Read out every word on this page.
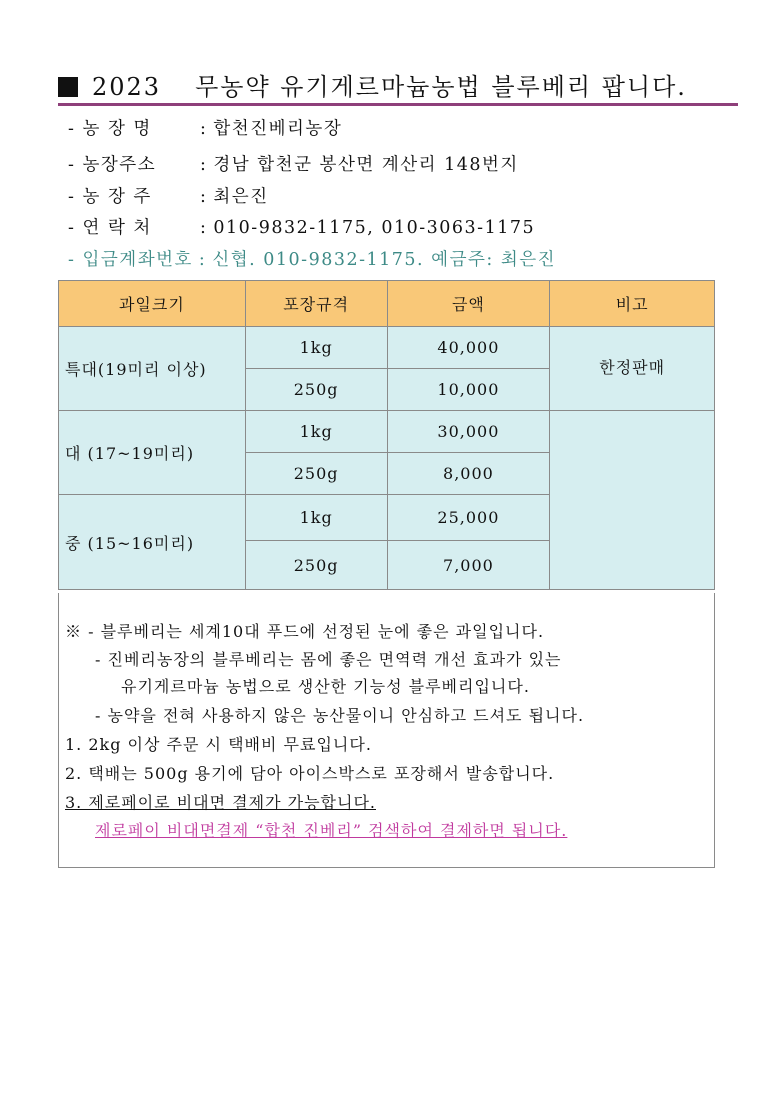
2023 무농약 유기게르마늄농법 블루베리 팝니다.
- 농 장 명	: 합천진베리농장
- 농장주소	: 경남 합천군 봉산면 계산리 148번지
- 농 장 주	: 최은진
- 연 락 처	: 010-9832-1175, 010-3063-1175
- 입금계좌번호 : 신협. 010-9832-1175. 예금주: 최은진
과일크기	포장규격	금액	비고
특대(19미리 이상)	1kg	40,000	한정판매
	250g	10,000	
대 (17~19미리)	1kg	30,000	
	250g	8,000	
중 (15~16미리)	1kg	25,000	
	250g	7,000	
※ - 블루베리는 세계10대 푸드에 선정된 눈에 좋은 과일입니다.
- 진베리농장의 블루베리는 몸에 좋은 면역력 개선 효과가 있는
유기게르마늄 농법으로 생산한 기능성 블루베리입니다.
- 농약을 전혀 사용하지 않은 농산물이니 안심하고 드셔도 됩니다.
1. 2kg 이상 주문 시 택배비 무료입니다.
2. 택배는 500g 용기에 담아 아이스박스로 포장해서 발송합니다.
3. 제로페이로 비대면 결제가 가능합니다.
제로페이 비대면결제 “합천 진베리” 검색하여 결제하면 됩니다.
